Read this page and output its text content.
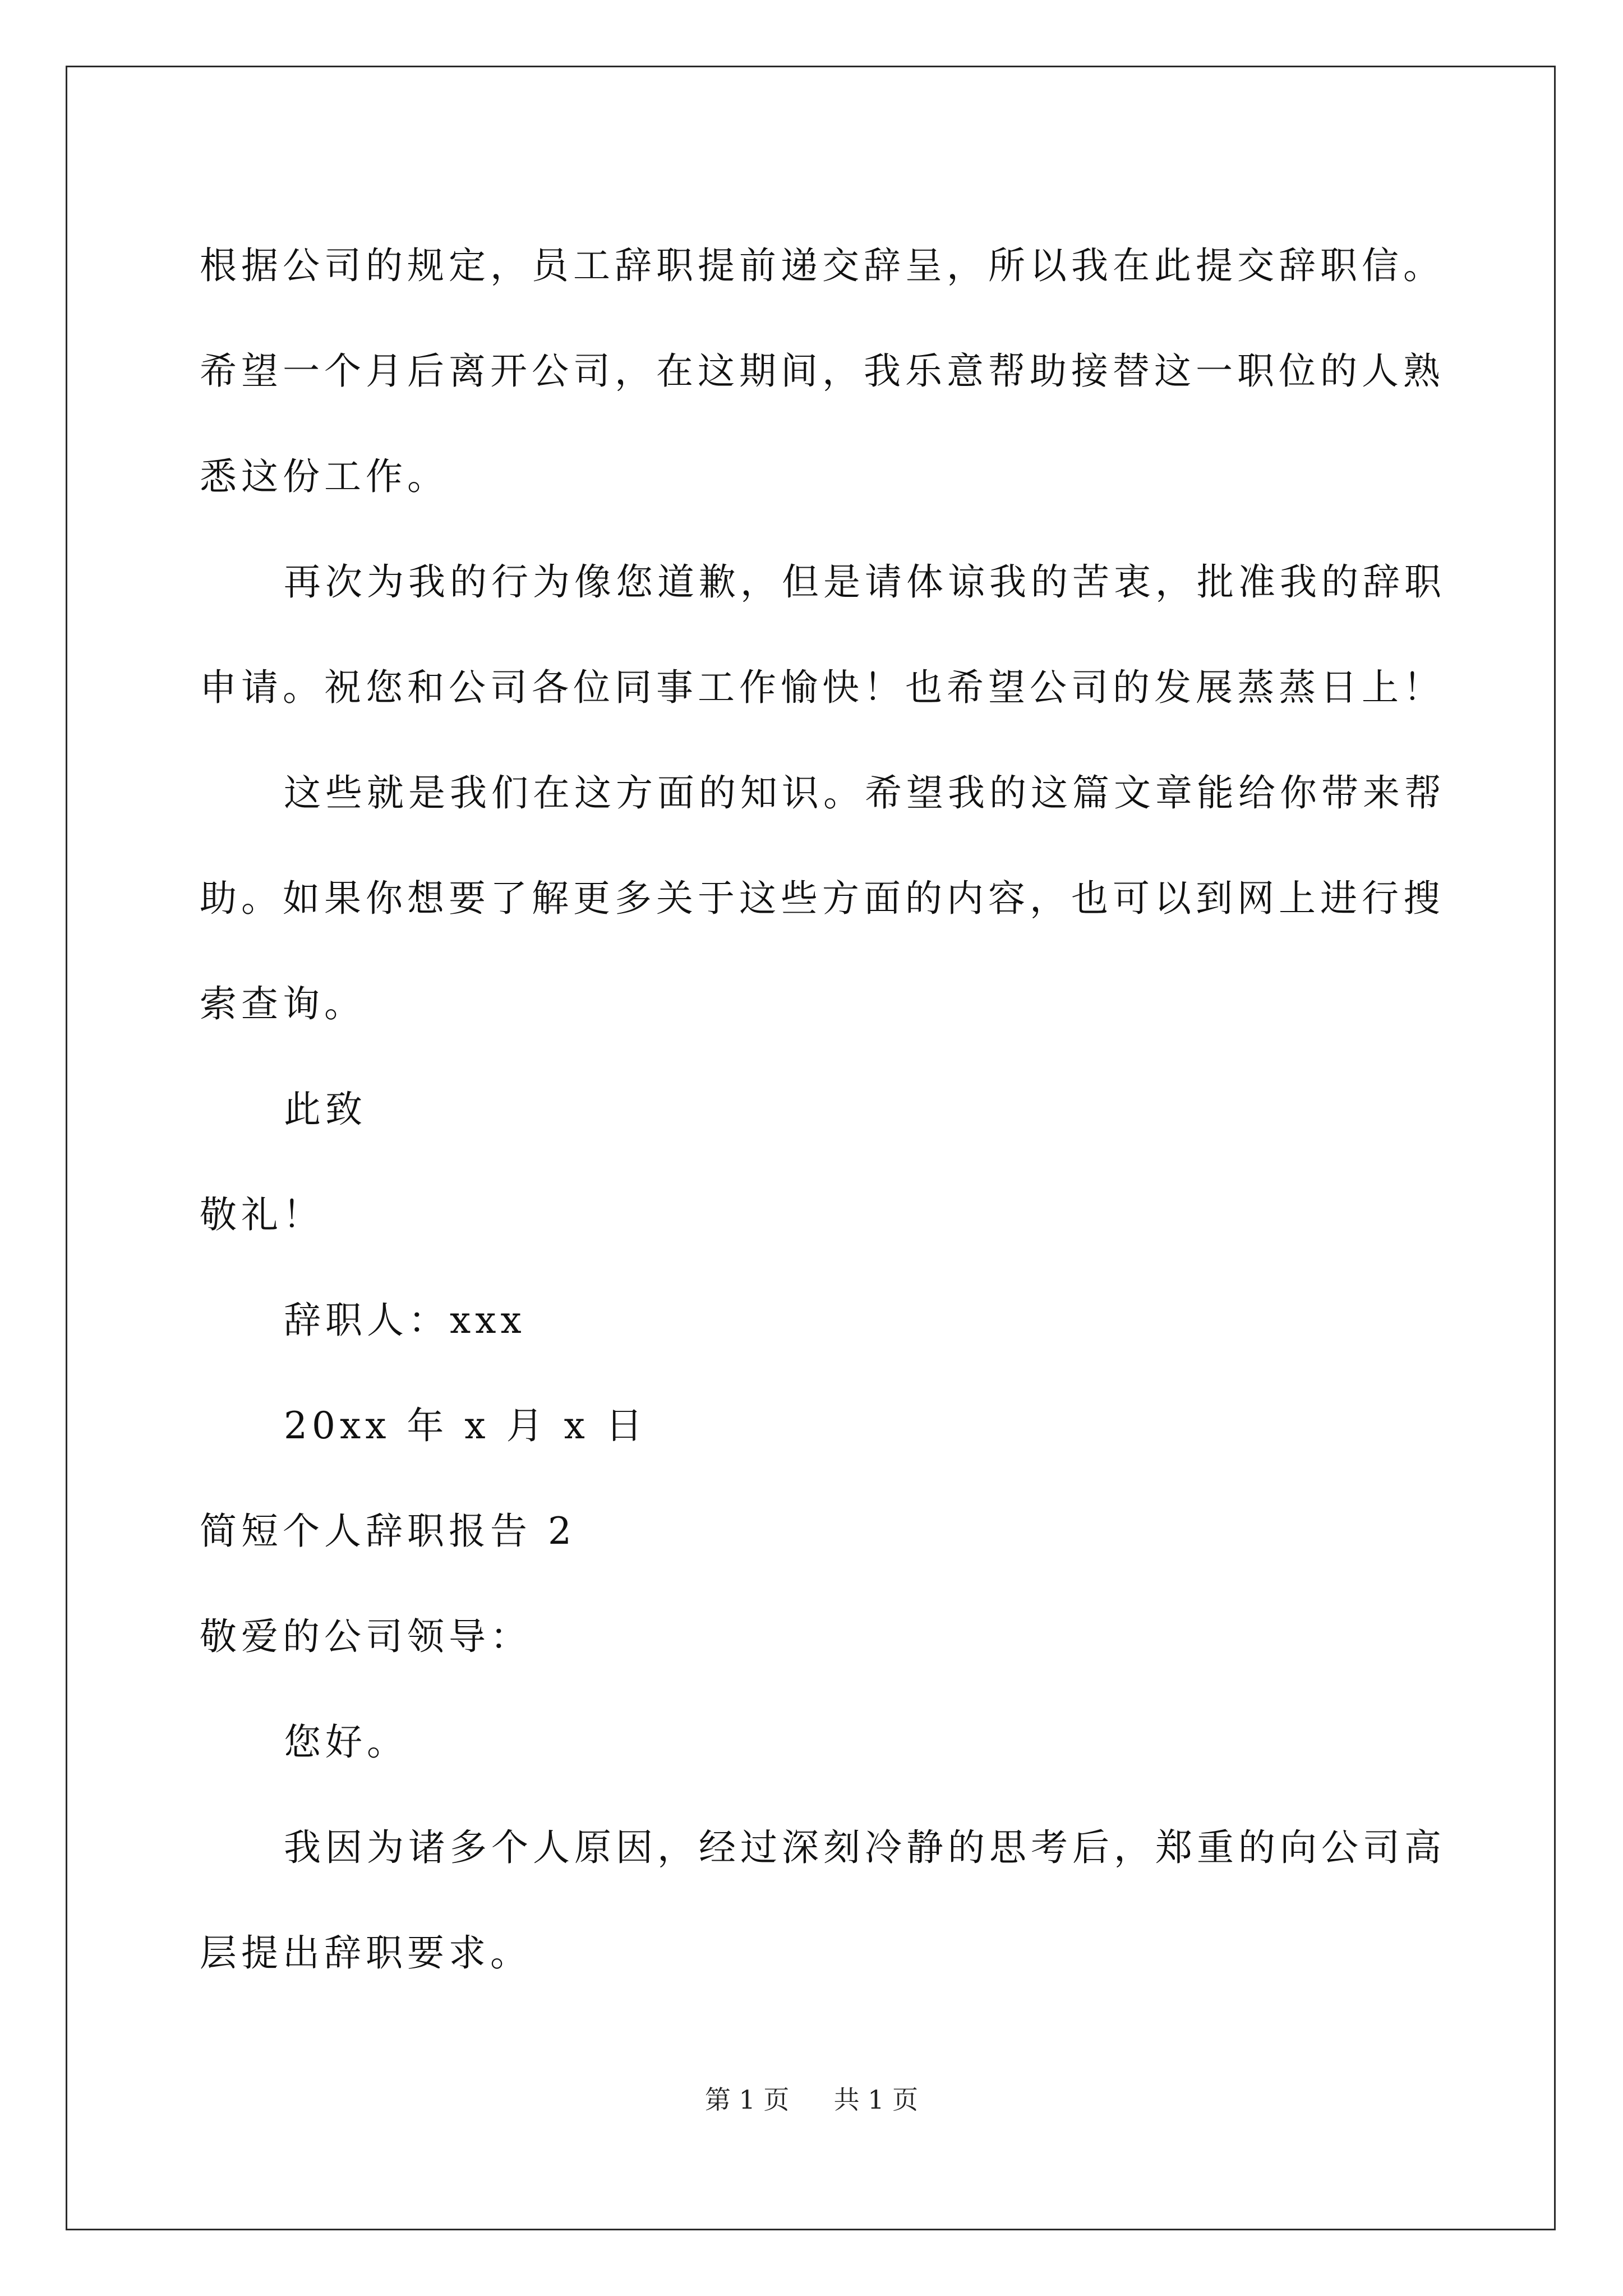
根据公司的规定，员工辞职提前递交辞呈，所以我在此提交辞职信。
希望一个月后离开公司，在这期间，我乐意帮助接替这一职位的人熟
悉这份工作。
再次为我的行为像您道歉，但是请体谅我的苦衷，批准我的辞职
申请。祝您和公司各位同事工作愉快！也希望公司的发展蒸蒸日上！
这些就是我们在这方面的知识。希望我的这篇文章能给你带来帮
助。如果你想要了解更多关于这些方面的内容，也可以到网上进行搜
索查询。
此致
敬礼！
辞职人：xxx
20xx 年 x 月 x 日
简短个人辞职报告 2
敬爱的公司领导：
您好。
我因为诸多个人原因，经过深刻冷静的思考后，郑重的向公司高
层提出辞职要求。
第 1 页 共 1 页
